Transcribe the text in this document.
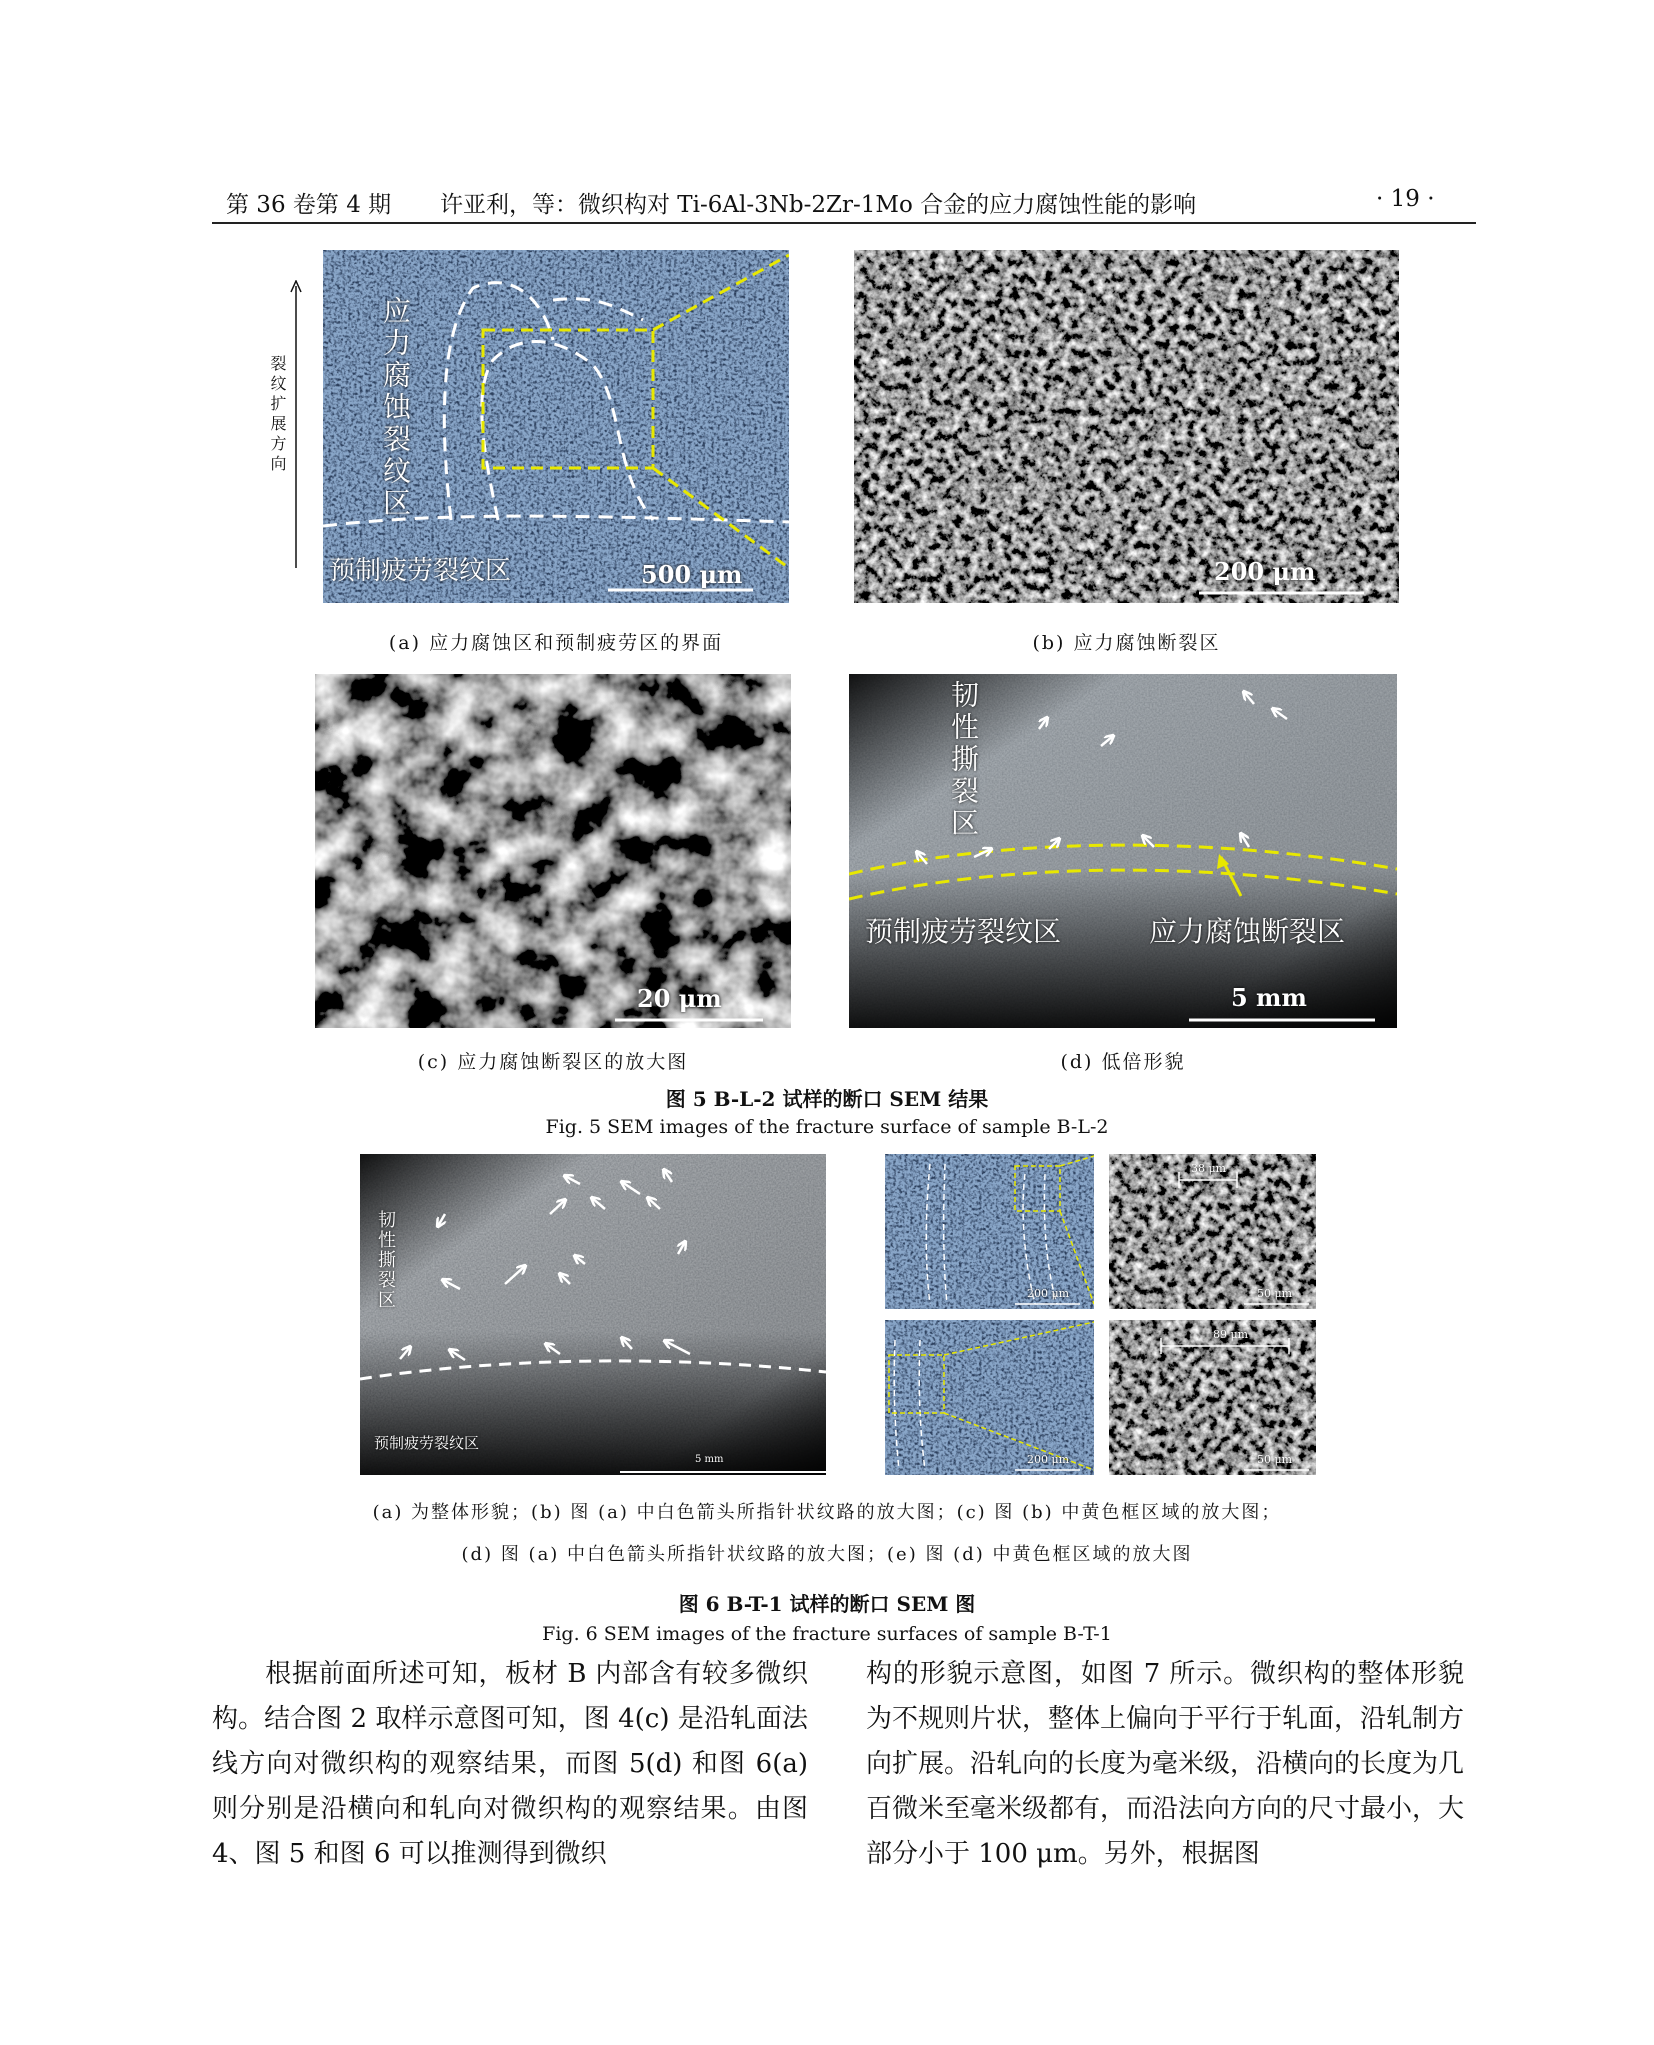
第 36 卷第 4 期 许亚利，等：微织构对 Ti-6Al-3Nb-2Zr-1Mo 合金的应力腐蚀性能的影响	· 19 ·
裂纹扩展方向	应力腐蚀裂纹区
预制疲劳裂纹区	500 μm
(a) 应力腐蚀区和预制疲劳区的界面
200 μm
(b) 应力腐蚀断裂区
20 μm
(c) 应力腐蚀断裂区的放大图
韧性撕裂区
预制疲劳裂纹区	应力腐蚀断裂区
5 mm
(d) 低倍形貌
图 5 B-L-2 试样的断口 SEM 结果
Fig. 5 SEM images of the fracture surface of sample B-L-2
韧性撕裂区
预制疲劳裂纹区
5 mm
200 μm
38 μm
50 μm
200 μm
89 μm
50 μm
(a) 为整体形貌；(b) 图 (a) 中白色箭头所指针状纹路的放大图；(c) 图 (b) 中黄色框区域的放大图；
(d) 图 (a) 中白色箭头所指针状纹路的放大图；(e) 图 (d) 中黄色框区域的放大图
图 6 B-T-1 试样的断口 SEM 图
Fig. 6 SEM images of the fracture surfaces of sample B-T-1

　　根据前面所述可知，板材 B 内部含有较多微织构。结合图 2 取样示意图可知，图 4(c) 是沿轧面法线方向对微织构的观察结果，而图 5(d) 和图 6(a) 则分别是沿横向和轧向对微织构的观察结果。由图 4、图 5 和图 6 可以推测得到微织

构的形貌示意图，如图 7 所示。微织构的整体形貌为不规则片状，整体上偏向于平行于轧面，沿轧制方向扩展。沿轧向的长度为毫米级，沿横向的长度为几百微米至毫米级都有，而沿法向方向的尺寸最小，大部分小于 100 μm。另外，根据图
